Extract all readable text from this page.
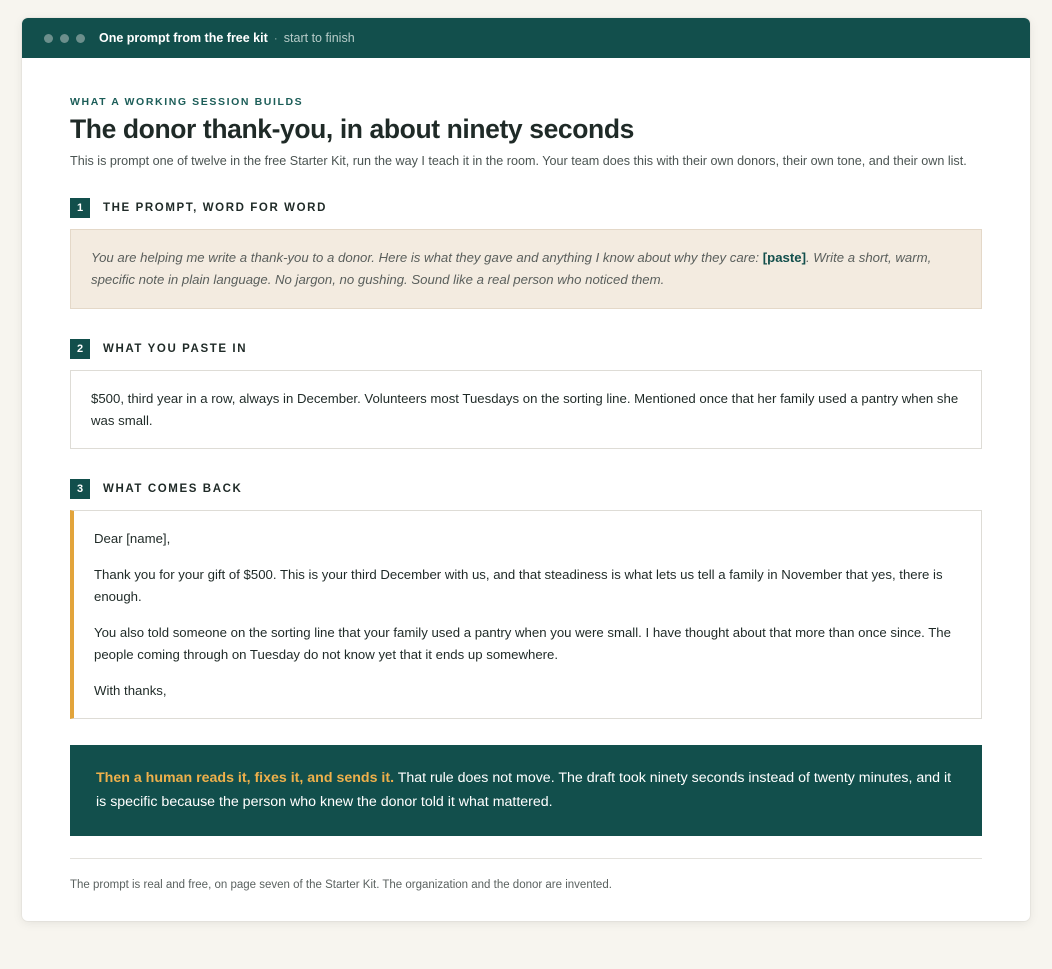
One prompt from the free kit · start to finish
WHAT A WORKING SESSION BUILDS
The donor thank-you, in about ninety seconds

This is prompt one of twelve in the free Starter Kit, run the way I teach it in the room. Your team does this with their own donors, their own tone, and their own list.

1	THE PROMPT, WORD FOR WORD
You are helping me write a thank-you to a donor. Here is what they gave and anything I know about why they care: [paste]. Write a short, warm, specific note in plain language. No jargon, no gushing. Sound like a real person who noticed them.
2	WHAT YOU PASTE IN
$500, third year in a row, always in December. Volunteers most Tuesdays on the sorting line. Mentioned once that her family used a pantry when she was small.
3	WHAT COMES BACK

Dear [name],

Thank you for your gift of $500. This is your third December with us, and that steadiness is what lets us tell a family in November that yes, there is enough.

You also told someone on the sorting line that your family used a pantry when you were small. I have thought about that more than once since. The people coming through on Tuesday do not know yet that it ends up somewhere.

With thanks,

Then a human reads it, fixes it, and sends it. That rule does not move. The draft took ninety seconds instead of twenty minutes, and it is specific because the person who knew the donor told it what mattered.

The prompt is real and free, on page seven of the Starter Kit. The organization and the donor are invented.
